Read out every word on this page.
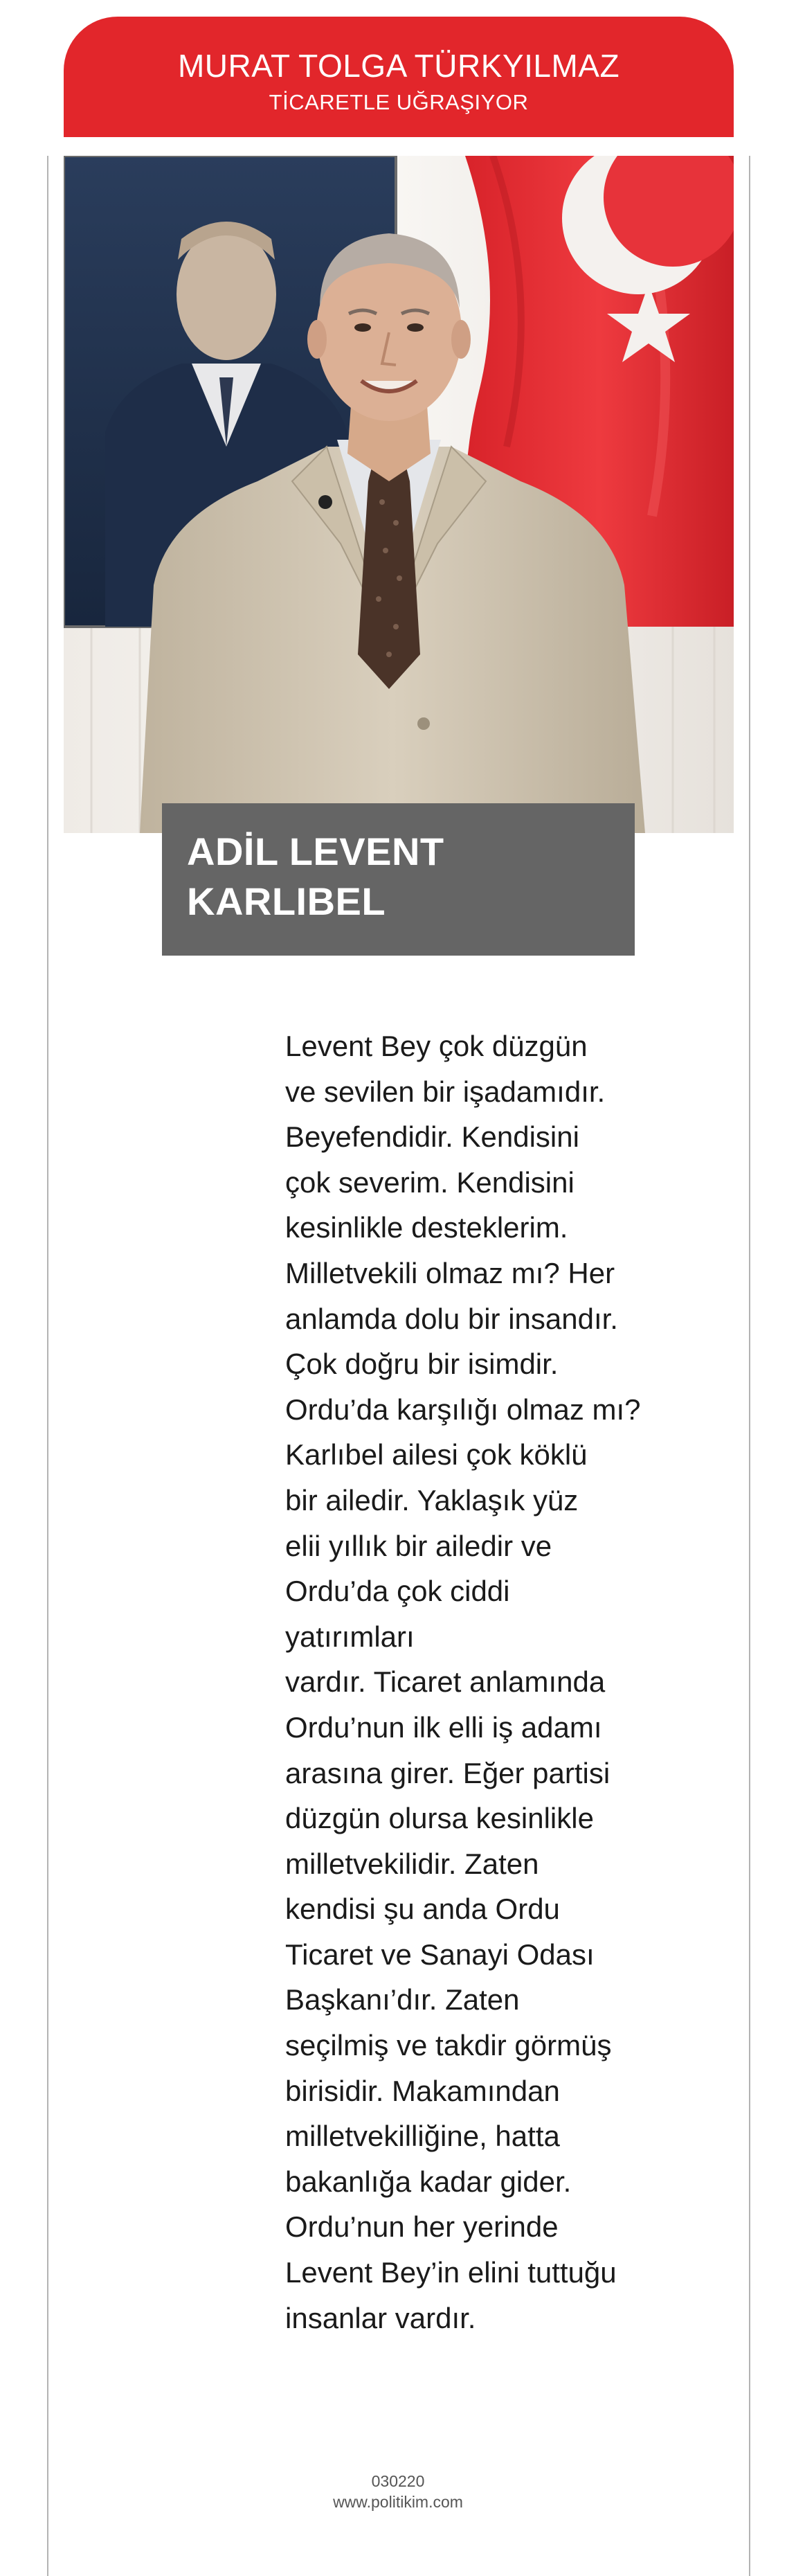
MURAT TOLGA TÜRKYILMAZ
TİCARETLE UĞRAŞIYOR
ADİL LEVENT
KARLIBEL
Levent Bey çok düzgün
ve sevilen bir işadamıdır.
Beyefendidir. Kendisini
çok severim. Kendisini
kesinlikle desteklerim.
Milletvekili olmaz mı? Her
anlamda dolu bir insandır.
Çok doğru bir isimdir.
Ordu’da karşılığı olmaz mı?
Karlıbel ailesi çok köklü
bir ailedir. Yaklaşık yüz
elii yıllık bir ailedir ve
Ordu’da çok ciddi yatırımları
vardır. Ticaret anlamında
Ordu’nun ilk elli iş adamı
arasına girer. Eğer partisi
düzgün olursa kesinlikle
milletvekilidir. Zaten
kendisi şu anda Ordu
Ticaret ve Sanayi Odası
Başkanı’dır. Zaten
seçilmiş ve takdir görmüş
birisidir. Makamından
milletvekilliğine, hatta
bakanlığa kadar gider.
Ordu’nun her yerinde
Levent Bey’in elini tuttuğu
insanlar vardır.
030220
www.politikim.com
